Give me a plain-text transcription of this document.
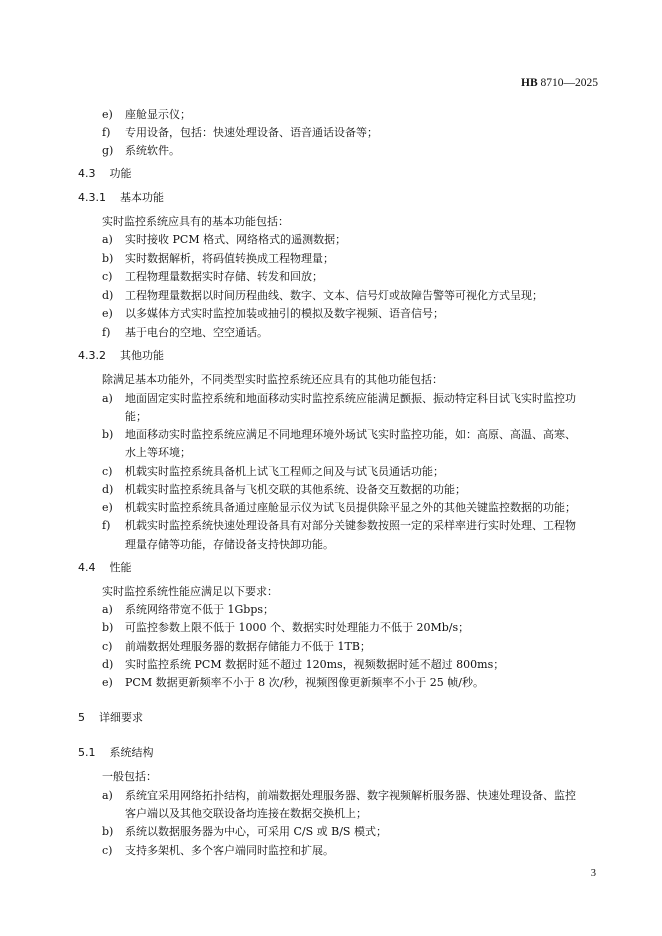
HB 8710—2025
e) 座舱显示仪；
f) 专用设备，包括：快速处理设备、语音通话设备等；
g) 系统软件。
4.3 功能
4.3.1 基本功能
实时监控系统应具有的基本功能包括：
a) 实时接收 PCM 格式、网络格式的遥测数据；
b) 实时数据解析，将码值转换成工程物理量；
c) 工程物理量数据实时存储、转发和回放；
d) 工程物理量数据以时间历程曲线、数字、文本、信号灯或故障告警等可视化方式呈现；
e) 以多媒体方式实时监控加装或抽引的模拟及数字视频、语音信号；
f) 基于电台的空地、空空通话。
4.3.2 其他功能
除满足基本功能外，不同类型实时监控系统还应具有的其他功能包括：
a) 地面固定实时监控系统和地面移动实时监控系统应能满足颤振、振动特定科目试飞实时监控功
能；
b) 地面移动实时监控系统应满足不同地理环境外场试飞实时监控功能，如：高原、高温、高寒、
水上等环境；
c) 机载实时监控系统具备机上试飞工程师之间及与试飞员通话功能；
d) 机载实时监控系统具备与飞机交联的其他系统、设备交互数据的功能；
e) 机载实时监控系统具备通过座舱显示仪为试飞员提供除平显之外的其他关键监控数据的功能；
f) 机载实时监控系统快速处理设备具有对部分关键参数按照一定的采样率进行实时处理、工程物
理量存储等功能，存储设备支持快卸功能。
4.4 性能
实时监控系统性能应满足以下要求：
a) 系统网络带宽不低于 1Gbps；
b) 可监控参数上限不低于 1000 个、数据实时处理能力不低于 20Mb/s；
c) 前端数据处理服务器的数据存储能力不低于 1TB；
d) 实时监控系统 PCM 数据时延不超过 120ms，视频数据时延不超过 800ms；
e) PCM 数据更新频率不小于 8 次/秒，视频图像更新频率不小于 25 帧/秒。
5 详细要求
5.1 系统结构
一般包括：
a) 系统宜采用网络拓扑结构，前端数据处理服务器、数字视频解析服务器、快速处理设备、监控
客户端以及其他交联设备均连接在数据交换机上；
b) 系统以数据服务器为中心，可采用 C/S 或 B/S 模式；
c) 支持多架机、多个客户端同时监控和扩展。
3
